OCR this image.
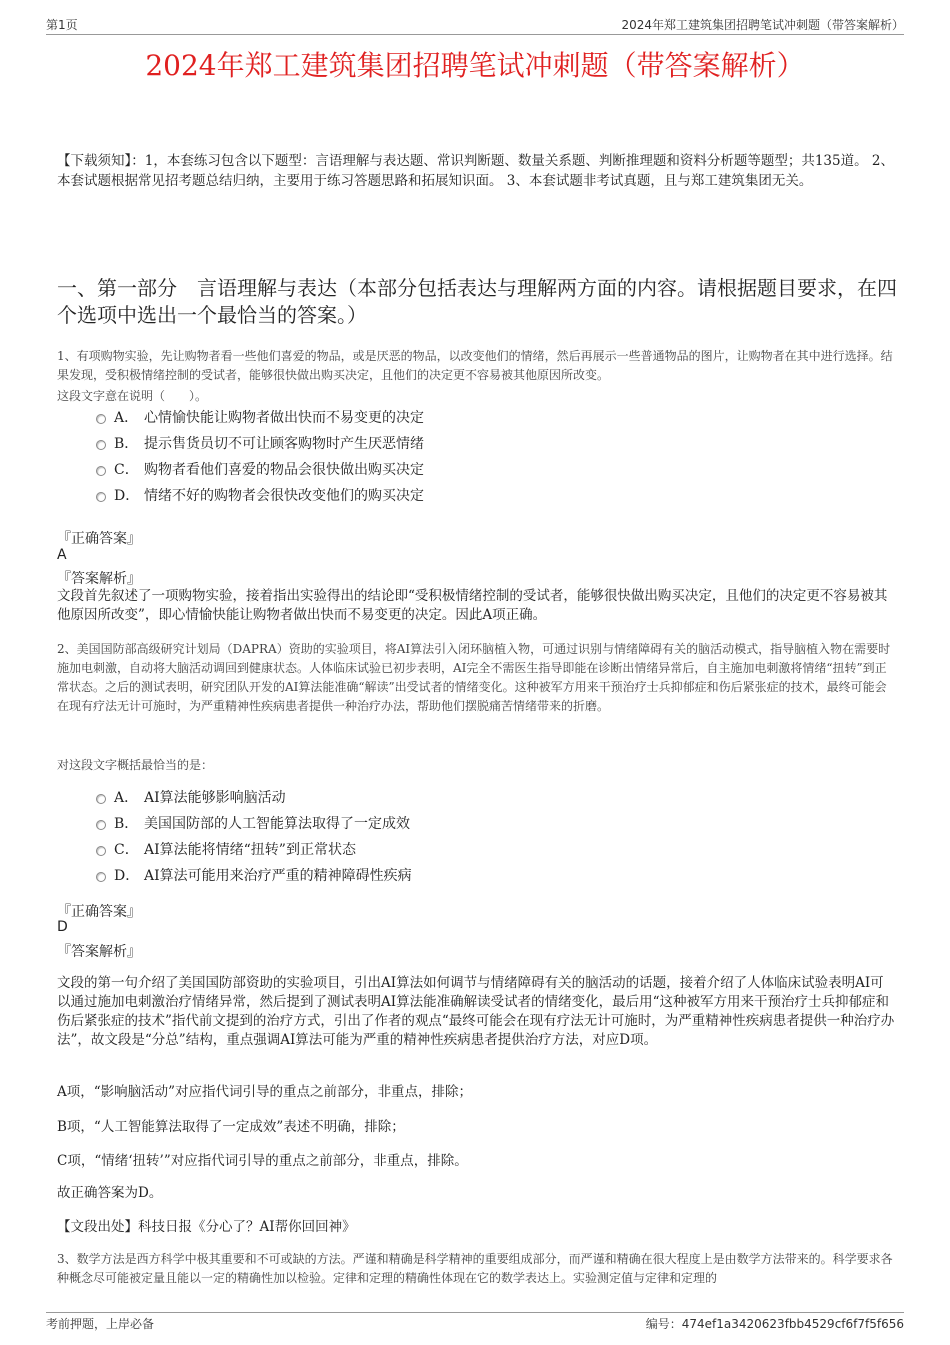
第1页	2024年郑工建筑集团招聘笔试冲刺题（带答案解析）
2024年郑工建筑集团招聘笔试冲刺题（带答案解析）

【下载须知】：1，本套练习包含以下题型：言语理解与表达题、常识判断题、数量关系题、判断推理题和资料分析题等题型；共135道。 2、本套试题根据常见招考题总结归纳，主要用于练习答题思路和拓展知识面。 3、本套试题非考试真题，且与郑工建筑集团无关。

一、第一部分　言语理解与表达（本部分包括表达与理解两方面的内容。请根据题目要求，在四个选项中选出一个最恰当的答案。）

1、有项购物实验，先让购物者看一些他们喜爱的物品，或是厌恶的物品，以改变他们的情绪，然后再展示一些普通物品的图片，让购物者在其中进行选择。结果发现，受积极情绪控制的受试者，能够很快做出购买决定，且他们的决定更不容易被其他原因所改变。

这段文字意在说明（　　）。

A． 心情愉快能让购物者做出快而不易变更的决定
B． 提示售货员切不可让顾客购物时产生厌恶情绪
C． 购物者看他们喜爱的物品会很快做出购买决定
D． 情绪不好的购物者会很快改变他们的购买决定

『正确答案』

A

『答案解析』

文段首先叙述了一项购物实验，接着指出实验得出的结论即“受积极情绪控制的受试者，能够很快做出购买决定，且他们的决定更不容易被其他原因所改变”，即心情愉快能让购物者做出快而不易变更的决定。因此A项正确。

2、美国国防部高级研究计划局（DAPRA）资助的实验项目，将AI算法引入闭环脑植入物，可通过识别与情绪障碍有关的脑活动模式，指导脑植入物在需要时施加电刺激，自动将大脑活动调回到健康状态。人体临床试验已初步表明，AI完全不需医生指导即能在诊断出情绪异常后，自主施加电刺激将情绪“扭转”到正常状态。之后的测试表明，研究团队开发的AI算法能准确“解读”出受试者的情绪变化。这种被军方用来干预治疗士兵抑郁症和伤后紧张症的技术，最终可能会在现有疗法无计可施时，为严重精神性疾病患者提供一种治疗办法，帮助他们摆脱痛苦情绪带来的折磨。

对这段文字概括最恰当的是：

A． AI算法能够影响脑活动
B． 美国国防部的人工智能算法取得了一定成效
C． AI算法能将情绪“扭转”到正常状态
D． AI算法可能用来治疗严重的精神障碍性疾病

『正确答案』

D

『答案解析』

文段的第一句介绍了美国国防部资助的实验项目，引出AI算法如何调节与情绪障碍有关的脑活动的话题，接着介绍了人体临床试验表明AI可以通过施加电刺激治疗情绪异常，然后提到了测试表明AI算法能准确解读受试者的情绪变化，最后用“这种被军方用来干预治疗士兵抑郁症和伤后紧张症的技术”指代前文提到的治疗方式，引出了作者的观点“最终可能会在现有疗法无计可施时，为严重精神性疾病患者提供一种治疗办法”，故文段是“分总”结构，重点强调AI算法可能为严重的精神性疾病患者提供治疗方法，对应D项。

A项，“影响脑活动”对应指代词引导的重点之前部分，非重点，排除；

B项，“人工智能算法取得了一定成效”表述不明确，排除；

C项，“情绪‘扭转’”对应指代词引导的重点之前部分，非重点，排除。

故正确答案为D。

【文段出处】科技日报《分心了？AI帮你回回神》

3、数学方法是西方科学中极其重要和不可或缺的方法。严谨和精确是科学精神的重要组成部分，而严谨和精确在很大程度上是由数学方法带来的。科学要求各种概念尽可能被定量且能以一定的精确性加以检验。定律和定理的精确性体现在它的数学表达上。实验测定值与定律和定理的

考前押题，上岸必备	编号：474ef1a3420623fbb4529cf6f7f5f656
